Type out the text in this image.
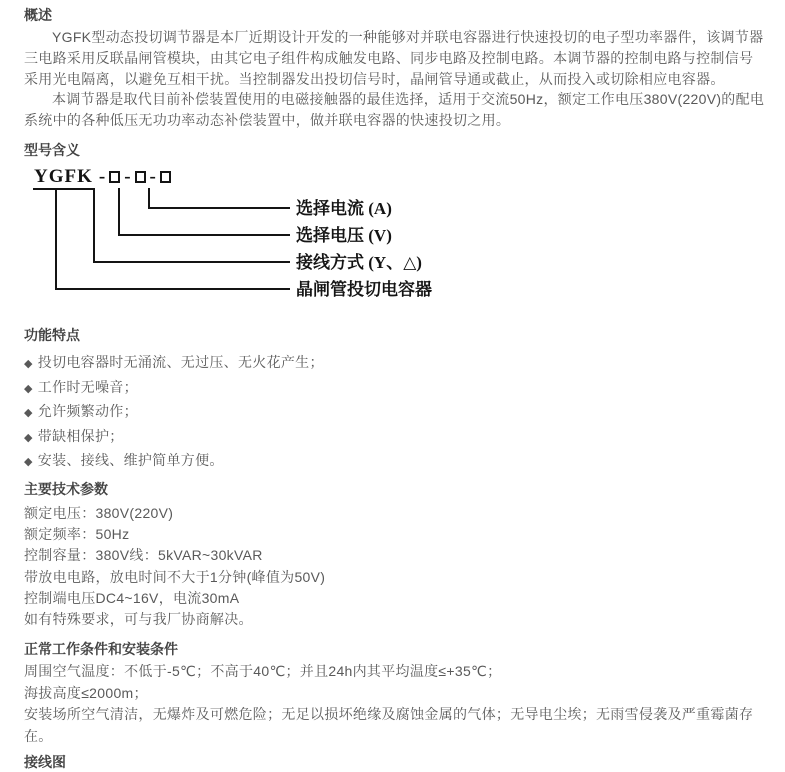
概述

YGFK型动态投切调节器是本厂近期设计开发的一种能够对并联电容器进行快速投切的电子型功率器件，该调节器三电路采用反联晶闸管模块，由其它电子组件构成触发电路、同步电路及控制电路。本调节器的控制电路与控制信号采用光电隔离，以避免互相干扰。当控制器发出投切信号时，晶闸管导通或截止，从而投入或切除相应电容器。

本调节器是取代目前补偿装置使用的电磁接触器的最佳选择，适用于交流50Hz，额定工作电压380V(220V)的配电系统中的各种低压无功功率动态补偿装置中，做并联电容器的快速投切之用。

型号含义
YGFK - - -
选择电流 (A)
选择电压 (V)
接线方式 (Y、△)
晶闸管投切电容器
功能特点
◆ 投切电容器时无涌流、无过压、无火花产生；
◆ 工作时无噪音；
◆ 允许频繁动作；
◆ 带缺相保护；
◆ 安装、接线、维护简单方便。
主要技术参数
额定电压：380V(220V)
额定频率：50Hz
控制容量：380V线：5kVAR~30kVAR
带放电电路，放电时间不大于1分钟(峰值为50V)
控制端电压DC4~16V，电流30mA
如有特殊要求，可与我厂协商解决。
正常工作条件和安装条件
周围空气温度：不低于-5℃；不高于40℃；并且24h内其平均温度≤+35℃；
海拔高度≤2000m；
安装场所空气清洁，无爆炸及可燃危险；无足以损坏绝缘及腐蚀金属的气体；无导电尘埃；无雨雪侵袭及严重霉菌存在。
接线图
